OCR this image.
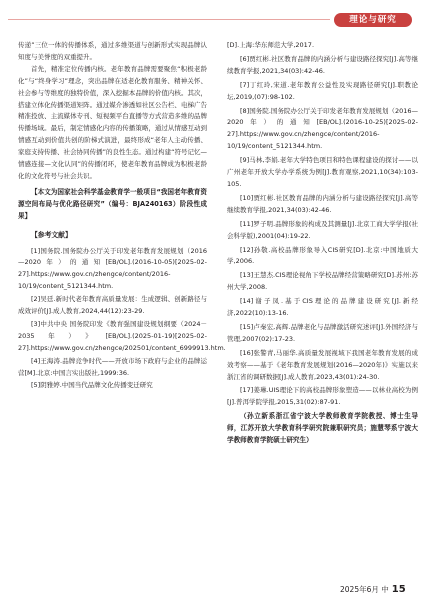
理论与研究

传递”三位一体的传播体系，通过多维渠道与创新形式实现品牌认知度与美誉度的双重提升。

首先，精准定位传播内核。老年教育品牌需要聚焦“积极老龄化”与“终身学习”理念，突出品牌在适老化教育服务、精神关怀、社会参与等维度的独特价值，深入挖掘本品牌的价值内核。其次，搭建立体化传播渠道矩阵。通过媒介渗透如社区公告栏、电梯广告精准投放、主流媒体专刊、短视频平台直播等方式营造多维的品牌传播场域。最后，制定情感化内容的传播策略，通过从情感互动到情感互动到价值共创的阶梯式演进，最终形成“老年人主动传播、家庭支持传播、社会协同传播”的良性生态。通过构建“符号记忆—情感连接—文化认同”的传播闭环，使老年教育品牌成为积极老龄化的文化符号与社会共识。

【本文为国家社会科学基金教育学一般项目“我国老年教育资源空间布局与优化路径研究”（编号：BJA240163）阶段性成果】

【参考文献】

[1]国务院.国务院办公厅关于印发老年教育发展规划（2016—2020年）的通知[EB/OL].(2016-10-05)[2025-02-27].https://www.gov.cn/zhengce/content/2016-10/19/content_5121344.htm.

[2]吴廷.新时代老年教育高质量发展：生成逻辑、创新路径与成效评价[J].成人教育,2024,44(12):23-29.

[3]中共中央 国务院印发《教育强国建设规划纲要（2024－2035年）》[EB/OL].(2025-01-19)[2025-02-27].https://www.gov.cn/zhengce/202501/content_6999913.htm.

[4]王海涛.品牌竞争时代——开放市场下政府与企业的品牌运营[M].北京:中国言实出版社,1999:36.

[5]阴雅婷.中国当代品牌文化传播变迁研究

[D].上海:华东师范大学,2017.

[6]贾红彬.社区教育品牌的内涵分析与建设路径探究[J].高等继续教育学报,2021,34(03):42-46.

[7]丁红玲,宋道.老年教育公益性及实现路径研究[J].职教论坛,2019,(07):98-102.

[8]国务院.国务院办公厅关于印发老年教育发展规划（2016—2020年）的通知[EB/OL].(2016-10-25)[2025-02-27].https://www.gov.cn/zhengce/content/2016-10/19/content_5121344.htm.

[9]马林,李娟.老年大学特色项目和特色课程建设的探讨——以广州老年开放大学办学系统为例[J].教育观察,2021,10(34):103-105.

[10]贾红彬.社区教育品牌的内涵分析与建设路径探究[J].高等继续教育学报,2021,34(03):42-46.

[11]罗子明.品牌形象的构成及其测量[J].北京工商大学学报(社会科学版),2001(04):19-22.

[12]孙敬.高校品牌形象导入CIS研究[D].北京:中国地质大学,2006.

[13]王慧杰.CIS理论视角下学校品牌经营策略研究[D].苏州:苏州大学,2008.

[14]谢子凤.基于CIS理论的品牌建设研究[J].新经济,2022(10):13-16.

[15]卢秦宏,高辉.品牌老化与品牌激活研究述评[J].外国经济与管理,2007(02):17-23.

[16]张警青,马丽华.高质量发展视域下我国老年教育发展的成效考察——基于《老年教育发展规划(2016—2020年)》实施以来浙江省的调研数据[J].成人教育,2023,43(01):24-30.

[17]姜琳.UIS理论下的高校品牌形象塑造——以林业高校为例[J].普洱学院学报,2015,31(02):87-91.

（孙立新系浙江省宁波大学教师教育学院教授、博士生导师，江苏开放大学教育科学研究院兼职研究员；施慧琴系宁波大学教师教育学院硕士研究生）

2025年6月 中 15
